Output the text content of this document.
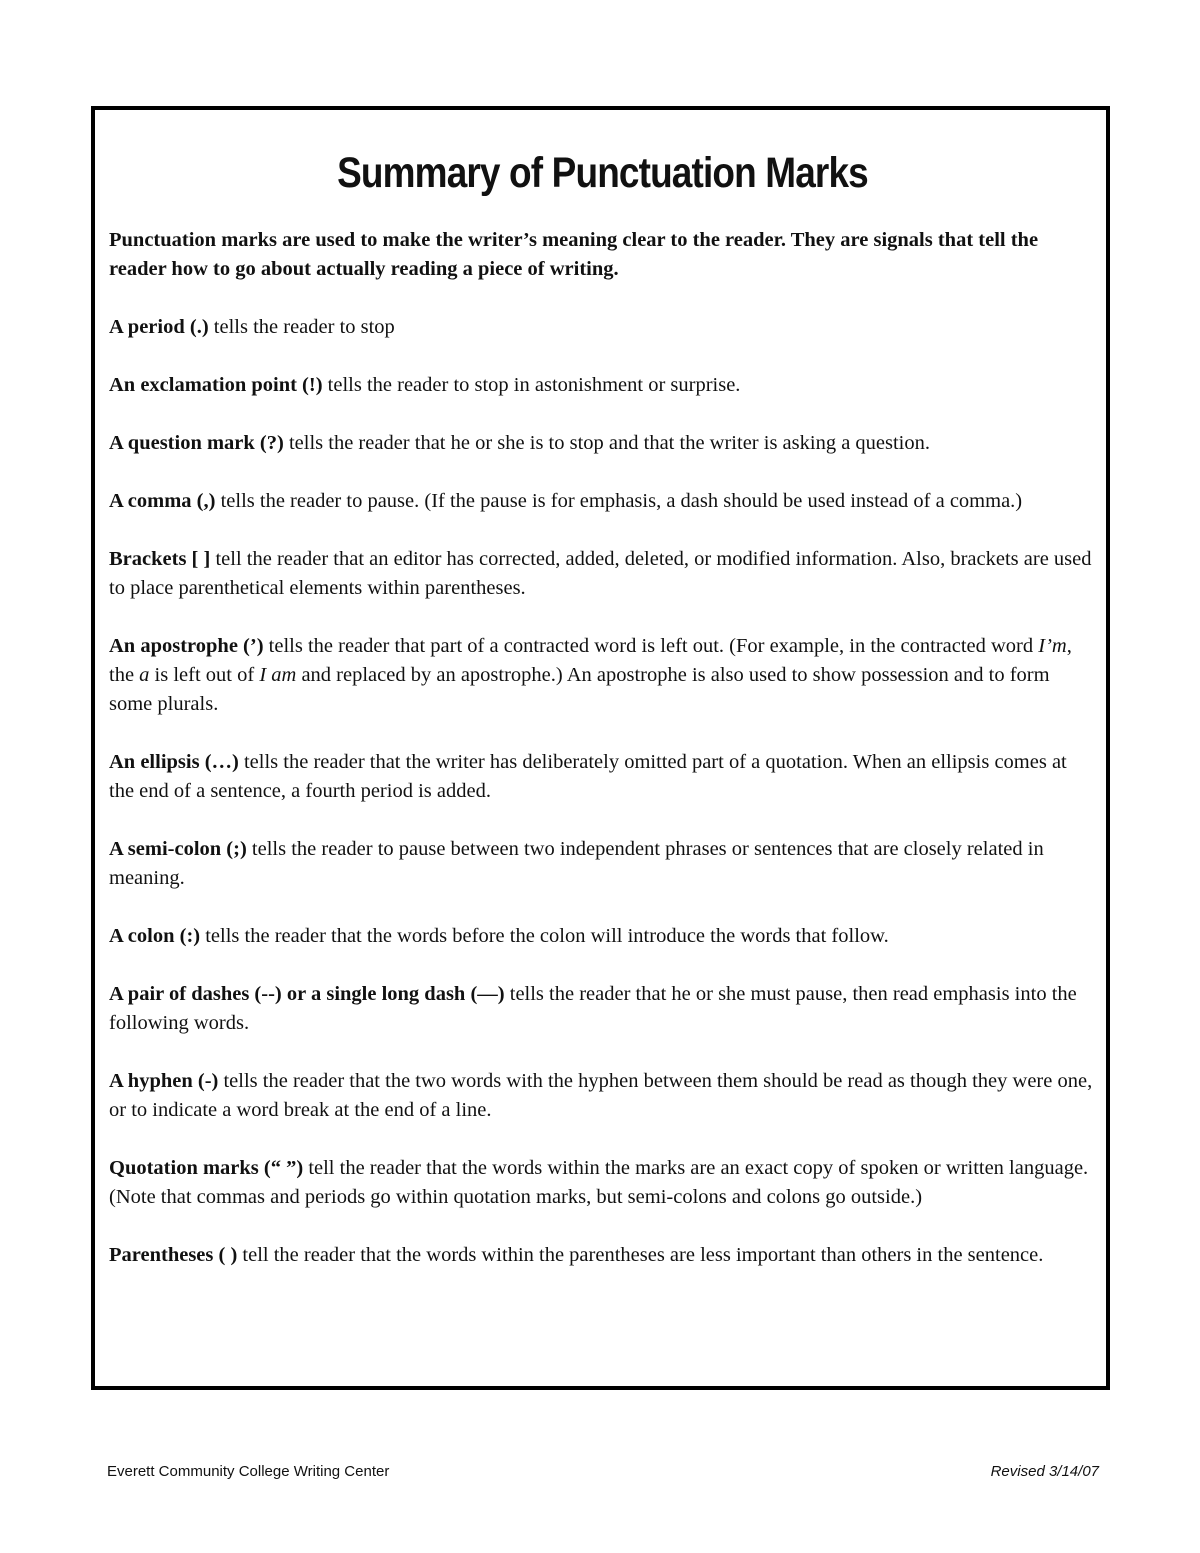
Summary of Punctuation Marks

Punctuation marks are used to make the writer’s meaning clear to the reader. They are signals that tell the reader how to go about actually reading a piece of writing.

A period (.) tells the reader to stop

An exclamation point (!) tells the reader to stop in astonishment or surprise.

A question mark (?) tells the reader that he or she is to stop and that the writer is asking a question.

A comma (,) tells the reader to pause. (If the pause is for emphasis, a dash should be used instead of a comma.)

Brackets [ ] tell the reader that an editor has corrected, added, deleted, or modified information. Also, brackets are used to place parenthetical elements within parentheses.

An apostrophe (’) tells the reader that part of a contracted word is left out. (For example, in the contracted word I’m, the a is left out of I am and replaced by an apostrophe.) An apostrophe is also used to show possession and to form some plurals.

An ellipsis (…) tells the reader that the writer has deliberately omitted part of a quotation. When an ellipsis comes at the end of a sentence, a fourth period is added.

A semi-colon (;) tells the reader to pause between two independent phrases or sentences that are closely related in meaning.

A colon (:) tells the reader that the words before the colon will introduce the words that follow.

A pair of dashes (--) or a single long dash (—) tells the reader that he or she must pause, then read emphasis into the following words.

A hyphen (-) tells the reader that the two words with the hyphen between them should be read as though they were one, or to indicate a word break at the end of a line.

Quotation marks (“ ”) tell the reader that the words within the marks are an exact copy of spoken or written language. (Note that commas and periods go within quotation marks, but semi-colons and colons go outside.)

Parentheses ( ) tell the reader that the words within the parentheses are less important than others in the sentence.

Everett Community College Writing Center	Revised 3/14/07
